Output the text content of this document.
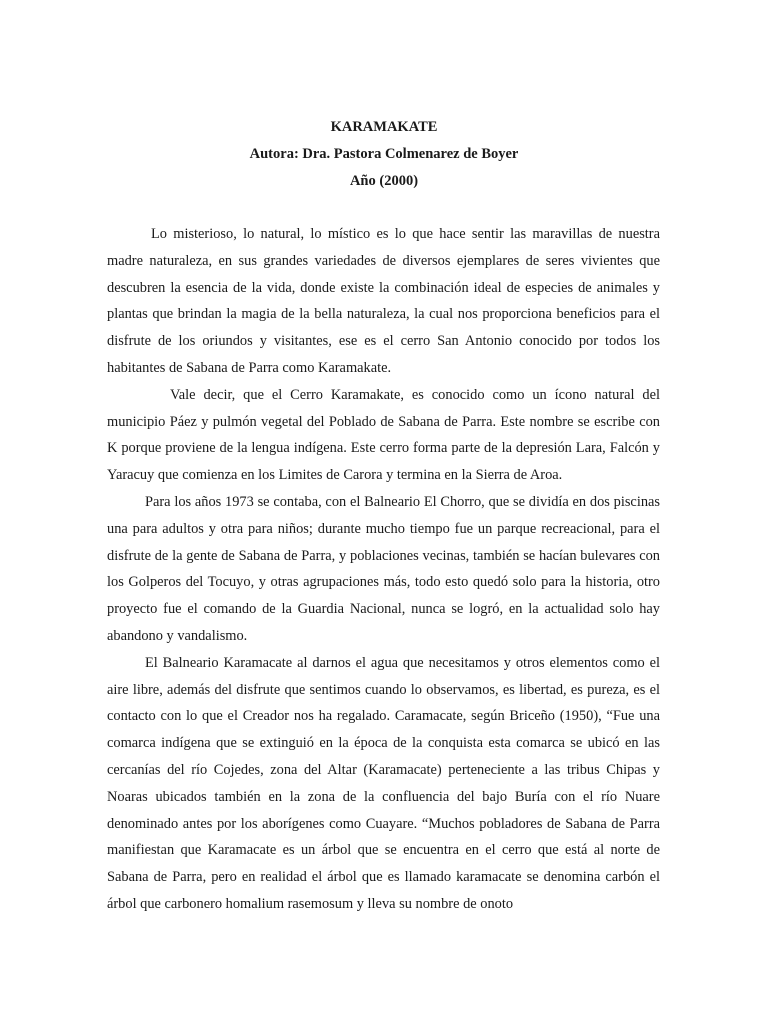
KARAMAKATE
Autora: Dra. Pastora Colmenarez de Boyer
Año (2000)

Lo misterioso, lo natural, lo místico es lo que hace sentir las maravillas de nuestra madre naturaleza, en sus grandes variedades de diversos ejemplares de seres vivientes que descubren la esencia de la vida, donde existe la combinación ideal de especies de animales y plantas que brindan la magia de la bella naturaleza, la cual nos proporciona beneficios para el disfrute de los oriundos y visitantes, ese es el cerro San Antonio conocido por todos los habitantes de Sabana de Parra como Karamakate.

Vale decir, que el Cerro Karamakate, es conocido como un ícono natural del municipio Páez y pulmón vegetal del Poblado de Sabana de Parra. Este nombre se escribe con K porque proviene de la lengua indígena. Este cerro forma parte de la depresión Lara, Falcón y Yaracuy que comienza en los Limites de Carora y termina en la Sierra de Aroa.

Para los años 1973 se contaba, con el Balneario El Chorro, que se dividía en dos piscinas una para adultos y otra para niños; durante mucho tiempo fue un parque recreacional, para el disfrute de la gente de Sabana de Parra, y poblaciones vecinas, también se hacían bulevares con los Golperos del Tocuyo, y otras agrupaciones más, todo esto quedó solo para la historia, otro proyecto fue el comando de la Guardia Nacional, nunca se logró, en la actualidad solo hay abandono y vandalismo.

El Balneario Karamacate al darnos el agua que necesitamos y otros elementos como el aire libre, además del disfrute que sentimos cuando lo observamos, es libertad, es pureza, es el contacto con lo que el Creador nos ha regalado. Caramacate, según Briceño (1950), “Fue una comarca indígena que se extinguió en la época de la conquista esta comarca se ubicó en las cercanías del río Cojedes, zona del Altar (Karamacate) perteneciente a las tribus Chipas y Noaras ubicados también en la zona de la confluencia del bajo Buría con el río Nuare denominado antes por los aborígenes como Cuayare. “Muchos pobladores de Sabana de Parra manifiestan que Karamacate es un árbol que se encuentra en el cerro que está al norte de Sabana de Parra, pero en realidad el árbol que es llamado karamacate se denomina carbón el árbol que carbonero homalium rasemosum y lleva su nombre de onoto
